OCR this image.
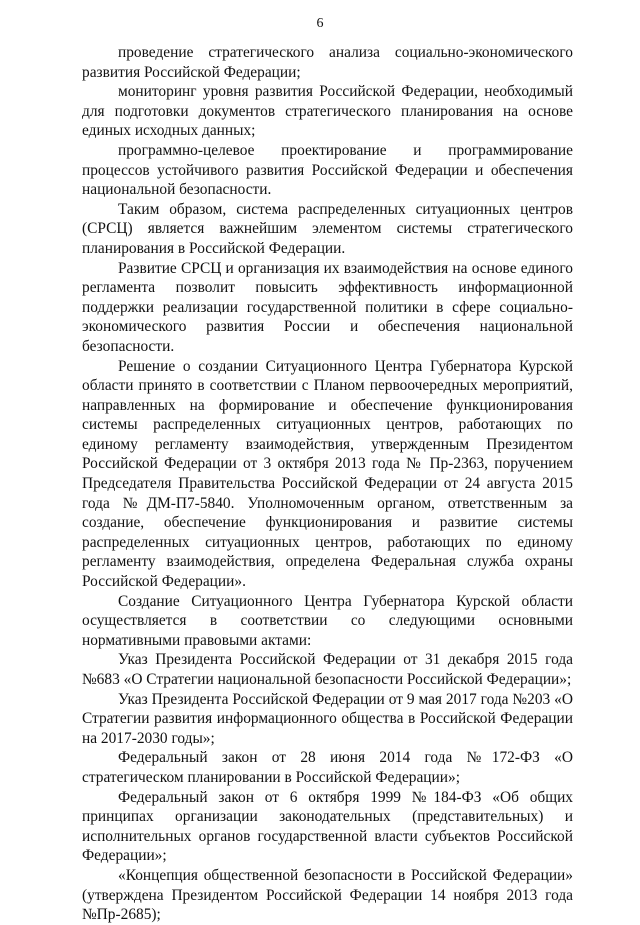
6

проведение стратегического анализа социально-экономического развития Российской Федерации;

мониторинг уровня развития Российской Федерации, необходимый для подготовки документов стратегического планирования на основе единых исходных данных;

программно-целевое проектирование и программирование процессов устойчивого развития Российской Федерации и обеспечения национальной безопасности.

Таким образом, система распределенных ситуационных центров (СРСЦ) является важнейшим элементом системы стратегического планирования в Российской Федерации.

Развитие СРСЦ и организация их взаимодействия на основе единого регламента позволит повысить эффективность информационной поддержки реализации государственной политики в сфере социально-экономического развития России и обеспечения национальной безопасности.

Решение о создании Ситуационного Центра Губернатора Курской области принято в соответствии с Планом первоочередных мероприятий, направленных на формирование и обеспечение функционирования системы распределенных ситуационных центров, работающих по единому регламенту взаимодействия, утвержденным Президентом Российской Федерации от 3 октября 2013 года № Пр-2363, поручением Председателя Правительства Российской Федерации от 24 августа 2015 года №ДМ-П7-5840. Уполномоченным органом, ответственным за создание, обеспечение функционирования и развитие системы распределенных ситуационных центров, работающих по единому регламенту взаимодействия, определена Федеральная служба охраны Российской Федерации».

Создание Ситуационного Центра Губернатора Курской области осуществляется в соответствии со следующими основными нормативными правовыми актами:

Указ Президента Российской Федерации от 31 декабря 2015 года №683 «О Стратегии национальной безопасности Российской Федерации»;

Указ Президента Российской Федерации от 9 мая 2017 года №203 «О Стратегии развития информационного общества в Российской Федерации на 2017-2030 годы»;

Федеральный закон от 28 июня 2014 года №172-ФЗ «О стратегическом планировании в Российской Федерации»;

Федеральный закон от 6 октября 1999 №184-ФЗ «Об общих принципах организации законодательных (представительных) и исполнительных органов государственной власти субъектов Российской Федерации»;

«Концепция общественной безопасности в Российской Федерации» (утверждена Президентом Российской Федерации 14 ноября 2013 года №Пр-2685);
